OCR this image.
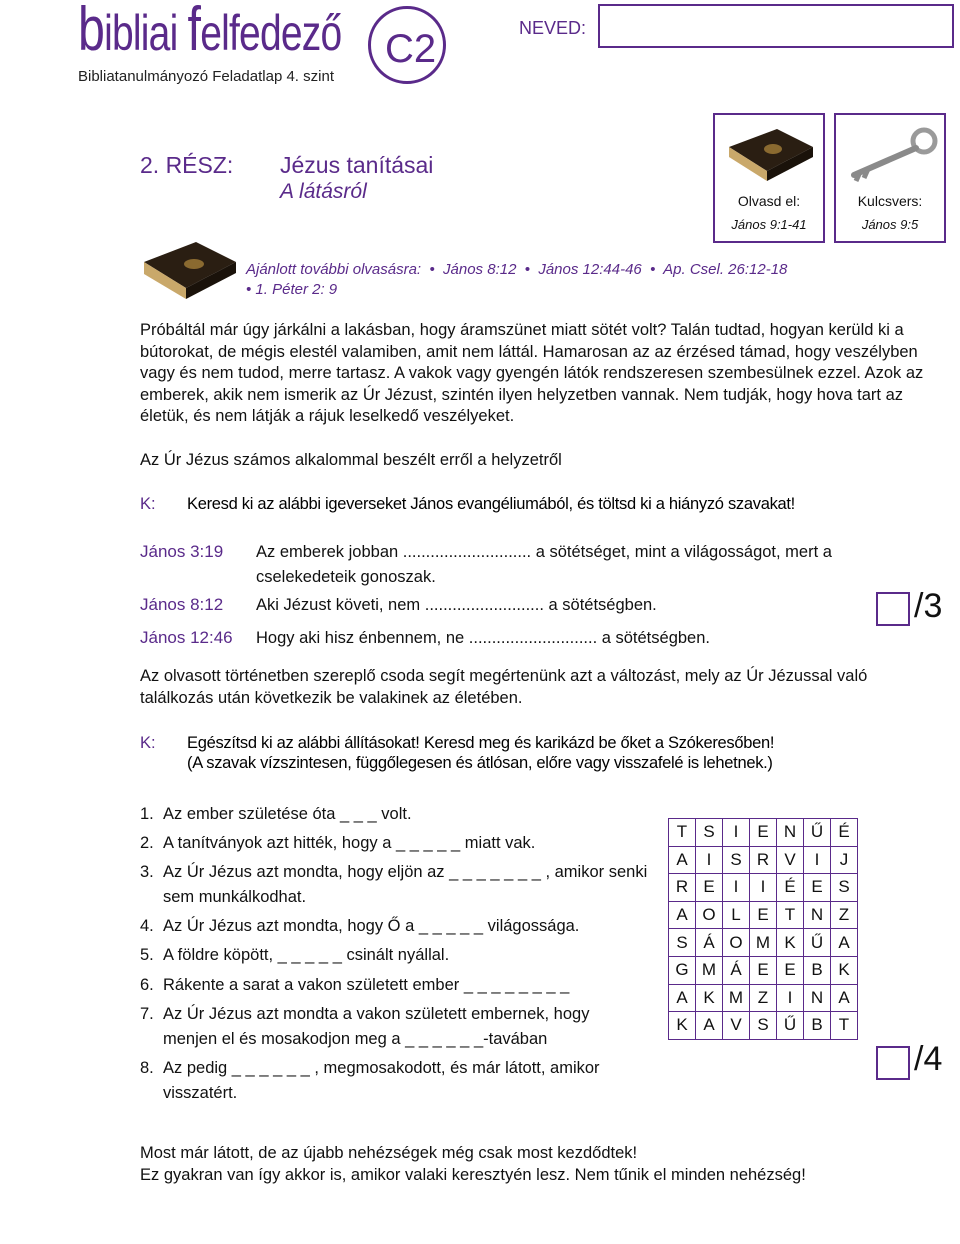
bibliai felfedező C2
Bibliatanulmányozó Feladatlap 4. szint
NEVED:
2. RÉSZ: Jézus tanításai
A látásról	Olvasd el:
János 9:1-41
Kulcsvers:
János 9:5
Ajánlott további olvasásra:  •  János 8:12  •  János 12:44-46  •  Ap. Csel. 26:12-18
• 1. Péter 2: 9
Próbáltál már úgy járkálni a lakásban, hogy áramszünet miatt sötét volt? Talán tudtad, hogyan kerüld ki a bútorokat, de mégis elestél valamiben, amit nem láttál. Hamarosan az az érzésed támad, hogy veszélyben vagy és nem tudod, merre tartasz. A vakok vagy gyengén látók rendszeresen szembesülnek ezzel. Azok az emberek, akik nem ismerik az Úr Jézust, szintén ilyen helyzetben vannak. Nem tudják, hogy hova tart az életük, és nem látják a rájuk leselkedő veszélyeket.
Az Úr Jézus számos alkalommal beszélt erről a helyzetről
K: Keresd ki az alábbi igeverseket János evangéliumából, és töltsd ki a hiányzó szavakat!
János 3:19 Az emberek jobban ............................ a sötétséget, mint a világosságot, mert a cselekedeteik gonoszak.
János 8:12 Aki Jézust követi, nem .......................... a sötétségben.
János 12:46 Hogy aki hisz énbennem, ne ............................ a sötétségben.
/3
Az olvasott történetben szereplő csoda segít megértenünk azt a változást, mely az Úr Jézussal való találkozás után következik be valakinek az életében.
K: Egészítsd ki az alábbi állításokat! Keresd meg és karikázd be őket a Szókeresőben!
(A szavak vízszintesen, függőlegesen és átlósan, előre vagy visszafelé is lehetnek.)
1. Az ember születése óta _ _ _ volt.
2. A tanítványok azt hitték, hogy a _ _ _ _ _ miatt vak.
3. Az Úr Jézus azt mondta, hogy eljön az _ _ _ _ _ _ _ , amikor senki sem munkálkodhat.
4. Az Úr Jézus azt mondta, hogy Ő a _ _ _ _ _ világossága.
5. A földre köpött, _ _ _ _ _ csinált nyállal.
6. Rákente a sarat a vakon született ember _ _ _ _ _ _ _ _
7. Az Úr Jézus azt mondta a vakon született embernek, hogy menjen el és mosakodjon meg a _ _ _ _ _ _-tavában
8. Az pedig _ _ _ _ _ _ , megmosakodott, és már látott, amikor visszatért.
T	S	I	E	N	Ű	É
A	I	S	R	V	I	J
R	E	I	I	É	E	S
A	O	L	E	T	N	Z
S	Á	O	M	K	Ű	A
G	M	Á	E	E	B	K
A	K	M	Z	I	N	A
K	A	V	S	Ű	B	T
/4
Most már látott, de az újabb nehézségek még csak most kezdődtek!
Ez gyakran van így akkor is, amikor valaki keresztyén lesz. Nem tűnik el minden nehézség!
